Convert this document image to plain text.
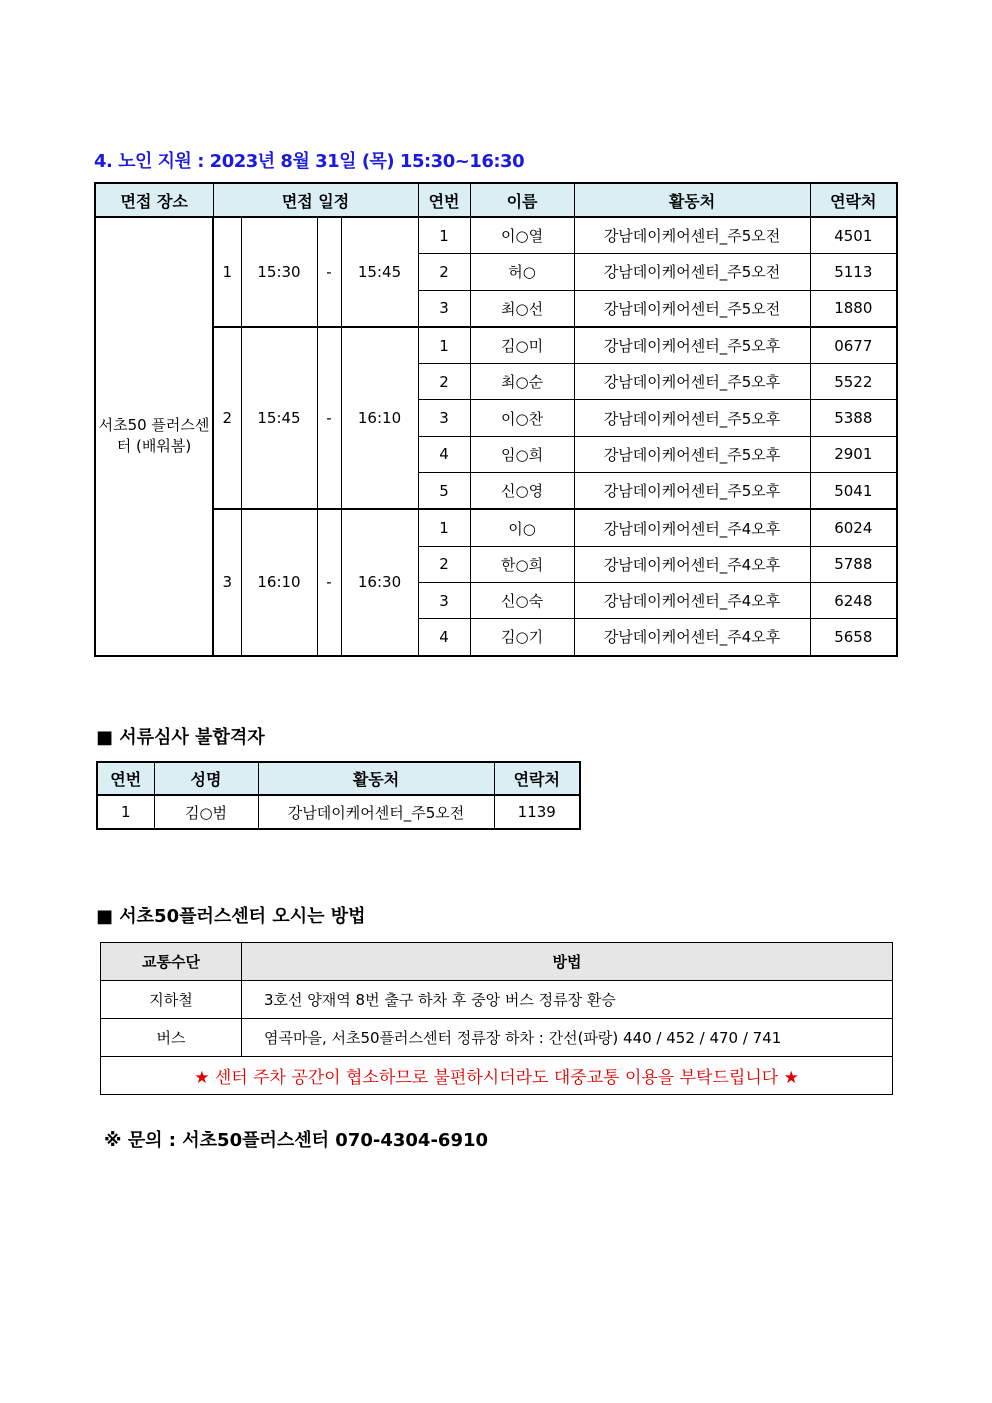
4. 노인 지원 : 2023년 8월 31일 (목) 15:30~16:30
면접 장소	면접 일정				연번	이름	활동처	연락처
서초50 플러스센터 (배워봄)	1	15:30	-	15:45	1	이○열	강남데이케어센터_주5오전	4501
					2	허○	강남데이케어센터_주5오전	5113
					3	최○선	강남데이케어센터_주5오전	1880
	2	15:45	-	16:10	1	김○미	강남데이케어센터_주5오후	0677
					2	최○순	강남데이케어센터_주5오후	5522
					3	이○찬	강남데이케어센터_주5오후	5388
					4	임○희	강남데이케어센터_주5오후	2901
					5	신○영	강남데이케어센터_주5오후	5041
	3	16:10	-	16:30	1	이○	강남데이케어센터_주4오후	6024
					2	한○희	강남데이케어센터_주4오후	5788
					3	신○숙	강남데이케어센터_주4오후	6248
					4	김○기	강남데이케어센터_주4오후	5658
■ 서류심사 불합격자
연번	성명	활동처	연락처
1	김○범	강남데이케어센터_주5오전	1139
■ 서초50플러스센터 오시는 방법
교통수단	방법
지하철	3호선 양재역 8번 출구 하차 후 중앙 버스 정류장 환승
버스	염곡마을, 서초50플러스센터 정류장 하차 : 간선(파랑) 440 / 452 / 470 / 741
★ 센터 주차 공간이 협소하므로 불편하시더라도 대중교통 이용을 부탁드립니다 ★	
※ 문의 : 서초50플러스센터 070-4304-6910
